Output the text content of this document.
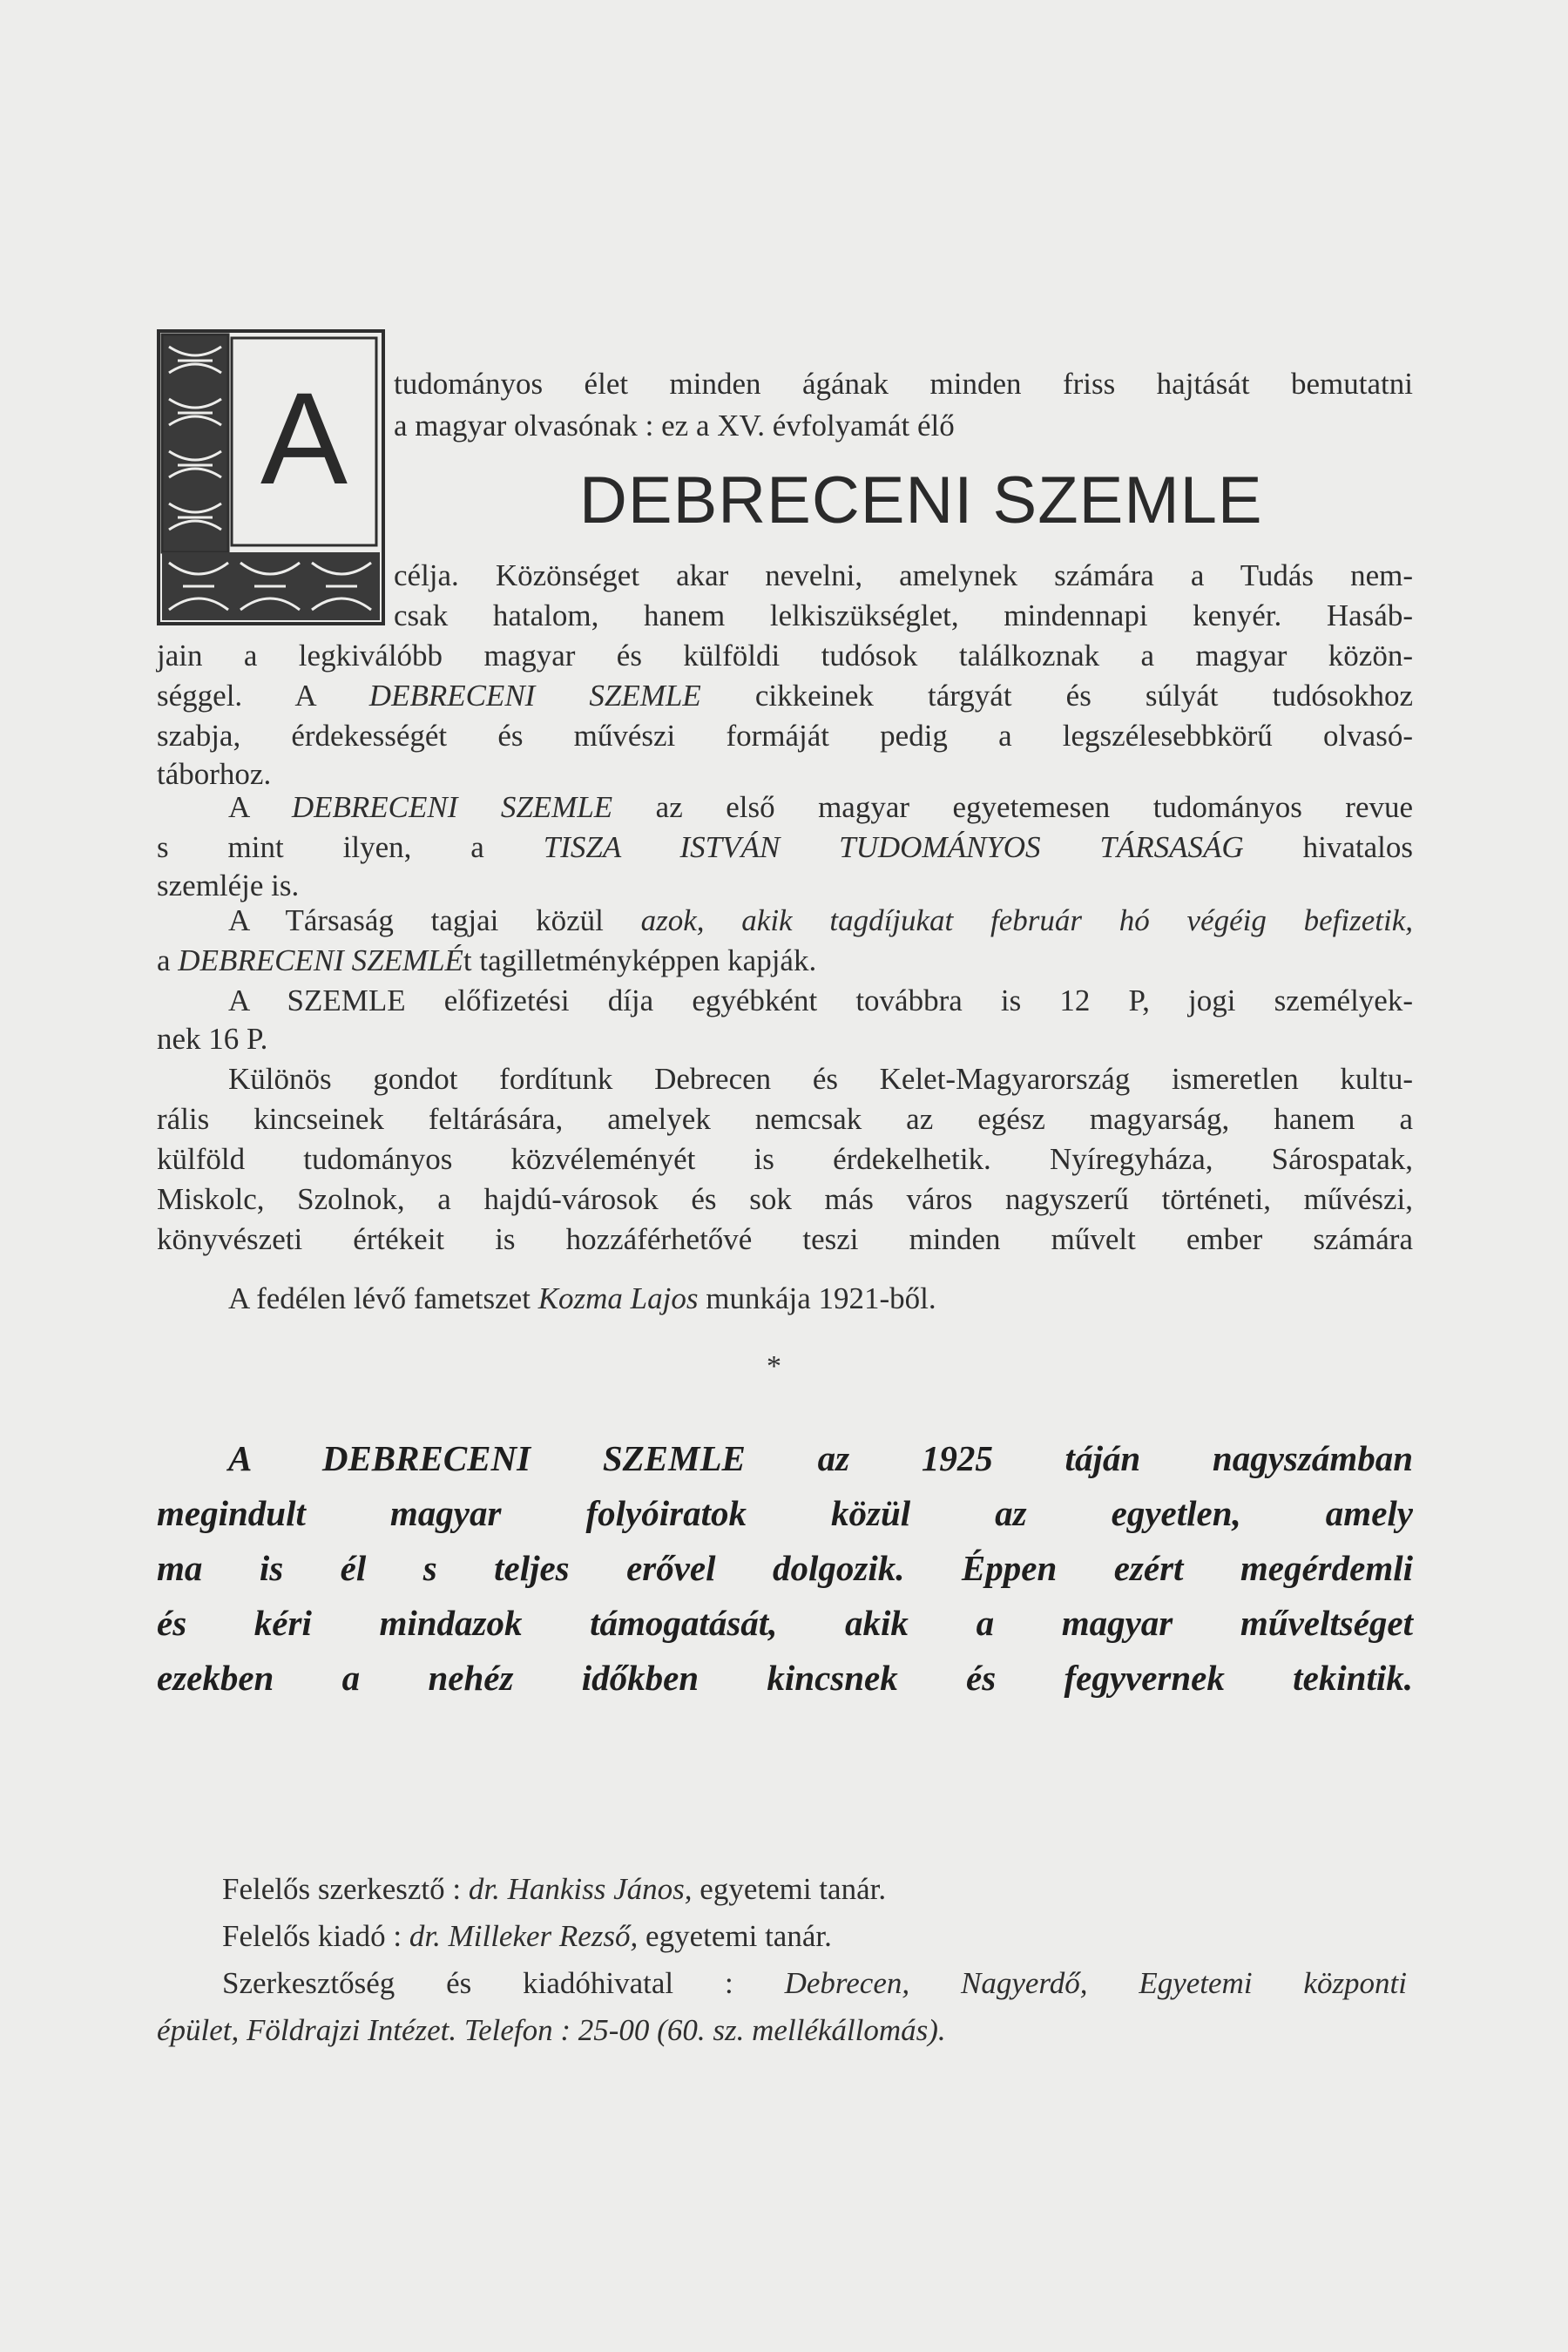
A	tudományos élet minden ágának minden friss hajtását bemutatni
a magyar olvasónak : ez a XV. évfolyamát élő
DEBRECENI SZEMLE
célja. Közönséget akar nevelni, amelynek számára a Tudás nem-
csak hatalom, hanem lelkiszükséglet, mindennapi kenyér. Hasáb-
jain a legkiválóbb magyar és külföldi tudósok találkoznak a magyar közön-
séggel. A DEBRECENI SZEMLE cikkeinek tárgyát és súlyát tudósokhoz
szabja, érdekességét és művészi formáját pedig a legszélesebbkörű olvasó-
táborhoz.
A DEBRECENI SZEMLE az első magyar egyetemesen tudományos revue
s mint ilyen, a TISZA ISTVÁN TUDOMÁNYOS TÁRSASÁG hivatalos
szemléje is.
A Társaság tagjai közül azok, akik tagdíjukat február hó végéig befizetik,
a DEBRECENI SZEMLÉt tagilletményképpen kapják.
A SZEMLE előfizetési díja egyébként továbbra is 12 P, jogi személyek-
nek 16 P.
Különös gondot fordítunk Debrecen és Kelet-Magyarország ismeretlen kultu-
rális kincseinek feltárására, amelyek nemcsak az egész magyarság, hanem a
külföld tudományos közvéleményét is érdekelhetik. Nyíregyháza, Sárospatak,
Miskolc, Szolnok, a hajdú-városok és sok más város nagyszerű történeti, művészi,
könyvészeti értékeit is hozzáférhetővé teszi minden művelt ember számára
A fedélen lévő fametszet Kozma Lajos munkája 1921-ből.
*
A DEBRECENI SZEMLE az 1925 táján nagyszámban
megindult magyar folyóiratok közül az egyetlen, amely
ma is él s teljes erővel dolgozik. Éppen ezért megérdemli
és kéri mindazok támogatását, akik a magyar műveltséget
ezekben a nehéz időkben kincsnek és fegyvernek tekintik.
Felelős szerkesztő : dr. Hankiss János, egyetemi tanár.
Felelős kiadó : dr. Milleker Rezső, egyetemi tanár.
Szerkesztőség és kiadóhivatal : Debrecen, Nagyerdő, Egyetemi központi
épület, Földrajzi Intézet. Telefon : 25-00 (60. sz. mellékállomás).
